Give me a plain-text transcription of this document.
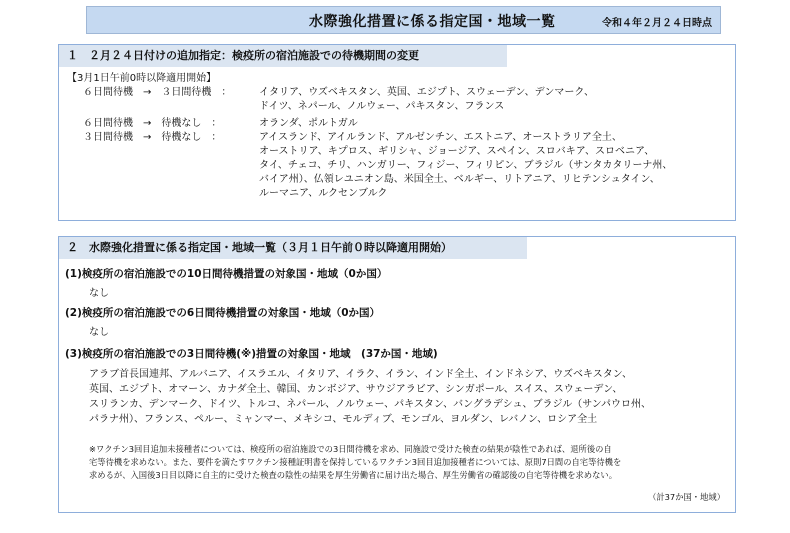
水際強化措置に係る指定国・地域一覧	令和４年２月２４日時点
１　２月２４日付けの追加指定：検疫所の宿泊施設での待機期間の変更
【3月1日午前0時以降適用開始】
６日間待機　→　３日間待機　：	イタリア、ウズベキスタン、英国、エジプト、スウェーデン、デンマーク、
ドイツ、ネパール、ノルウェー、パキスタン、フランス
６日間待機　→　待機なし　：	オランダ、ポルトガル
３日間待機　→　待機なし　：	アイスランド、アイルランド、アルゼンチン、エストニア、オーストラリア全土、
オーストリア、キプロス、ギリシャ、ジョージア、スペイン、スロバキア、スロベニア、
タイ、チェコ、チリ、ハンガリー、フィジー、フィリピン、ブラジル（サンタカタリーナ州、
バイア州）、仏領レユニオン島、米国全土、ベルギー、リトアニア、リヒテンシュタイン、
ルーマニア、ルクセンブルク
２　水際強化措置に係る指定国・地域一覧（３月１日午前０時以降適用開始）
(1)検疫所の宿泊施設での10日間待機措置の対象国・地域（0か国）
なし
(2)検疫所の宿泊施設での6日間待機措置の対象国・地域（0か国）
なし
(3)検疫所の宿泊施設での3日間待機(※)措置の対象国・地域　(37か国・地域)
アラブ首長国連邦、アルバニア、イスラエル、イタリア、イラク、イラン、インド全土、インドネシア、ウズベキスタン、
英国、エジプト、オマーン、カナダ全土、韓国、カンボジア、サウジアラビア、シンガポール、スイス、スウェーデン、
スリランカ、デンマーク、ドイツ、トルコ、ネパール、ノルウェー、パキスタン、バングラデシュ、ブラジル（サンパウロ州、
パラナ州）、フランス、ペルー、ミャンマー、メキシコ、モルディブ、モンゴル、ヨルダン、レバノン、ロシア全土
※ワクチン3回目追加未接種者については、検疫所の宿泊施設での3日間待機を求め、同施設で受けた検査の結果が陰性であれば、退所後の自
宅等待機を求めない。また、要件を満たすワクチン接種証明書を保持しているワクチン3回目追加接種者については、原則7日間の自宅等待機を
求めるが、入国後3日目以降に自主的に受けた検査の陰性の結果を厚生労働省に届け出た場合、厚生労働省の確認後の自宅等待機を求めない。
（計37か国・地域）
